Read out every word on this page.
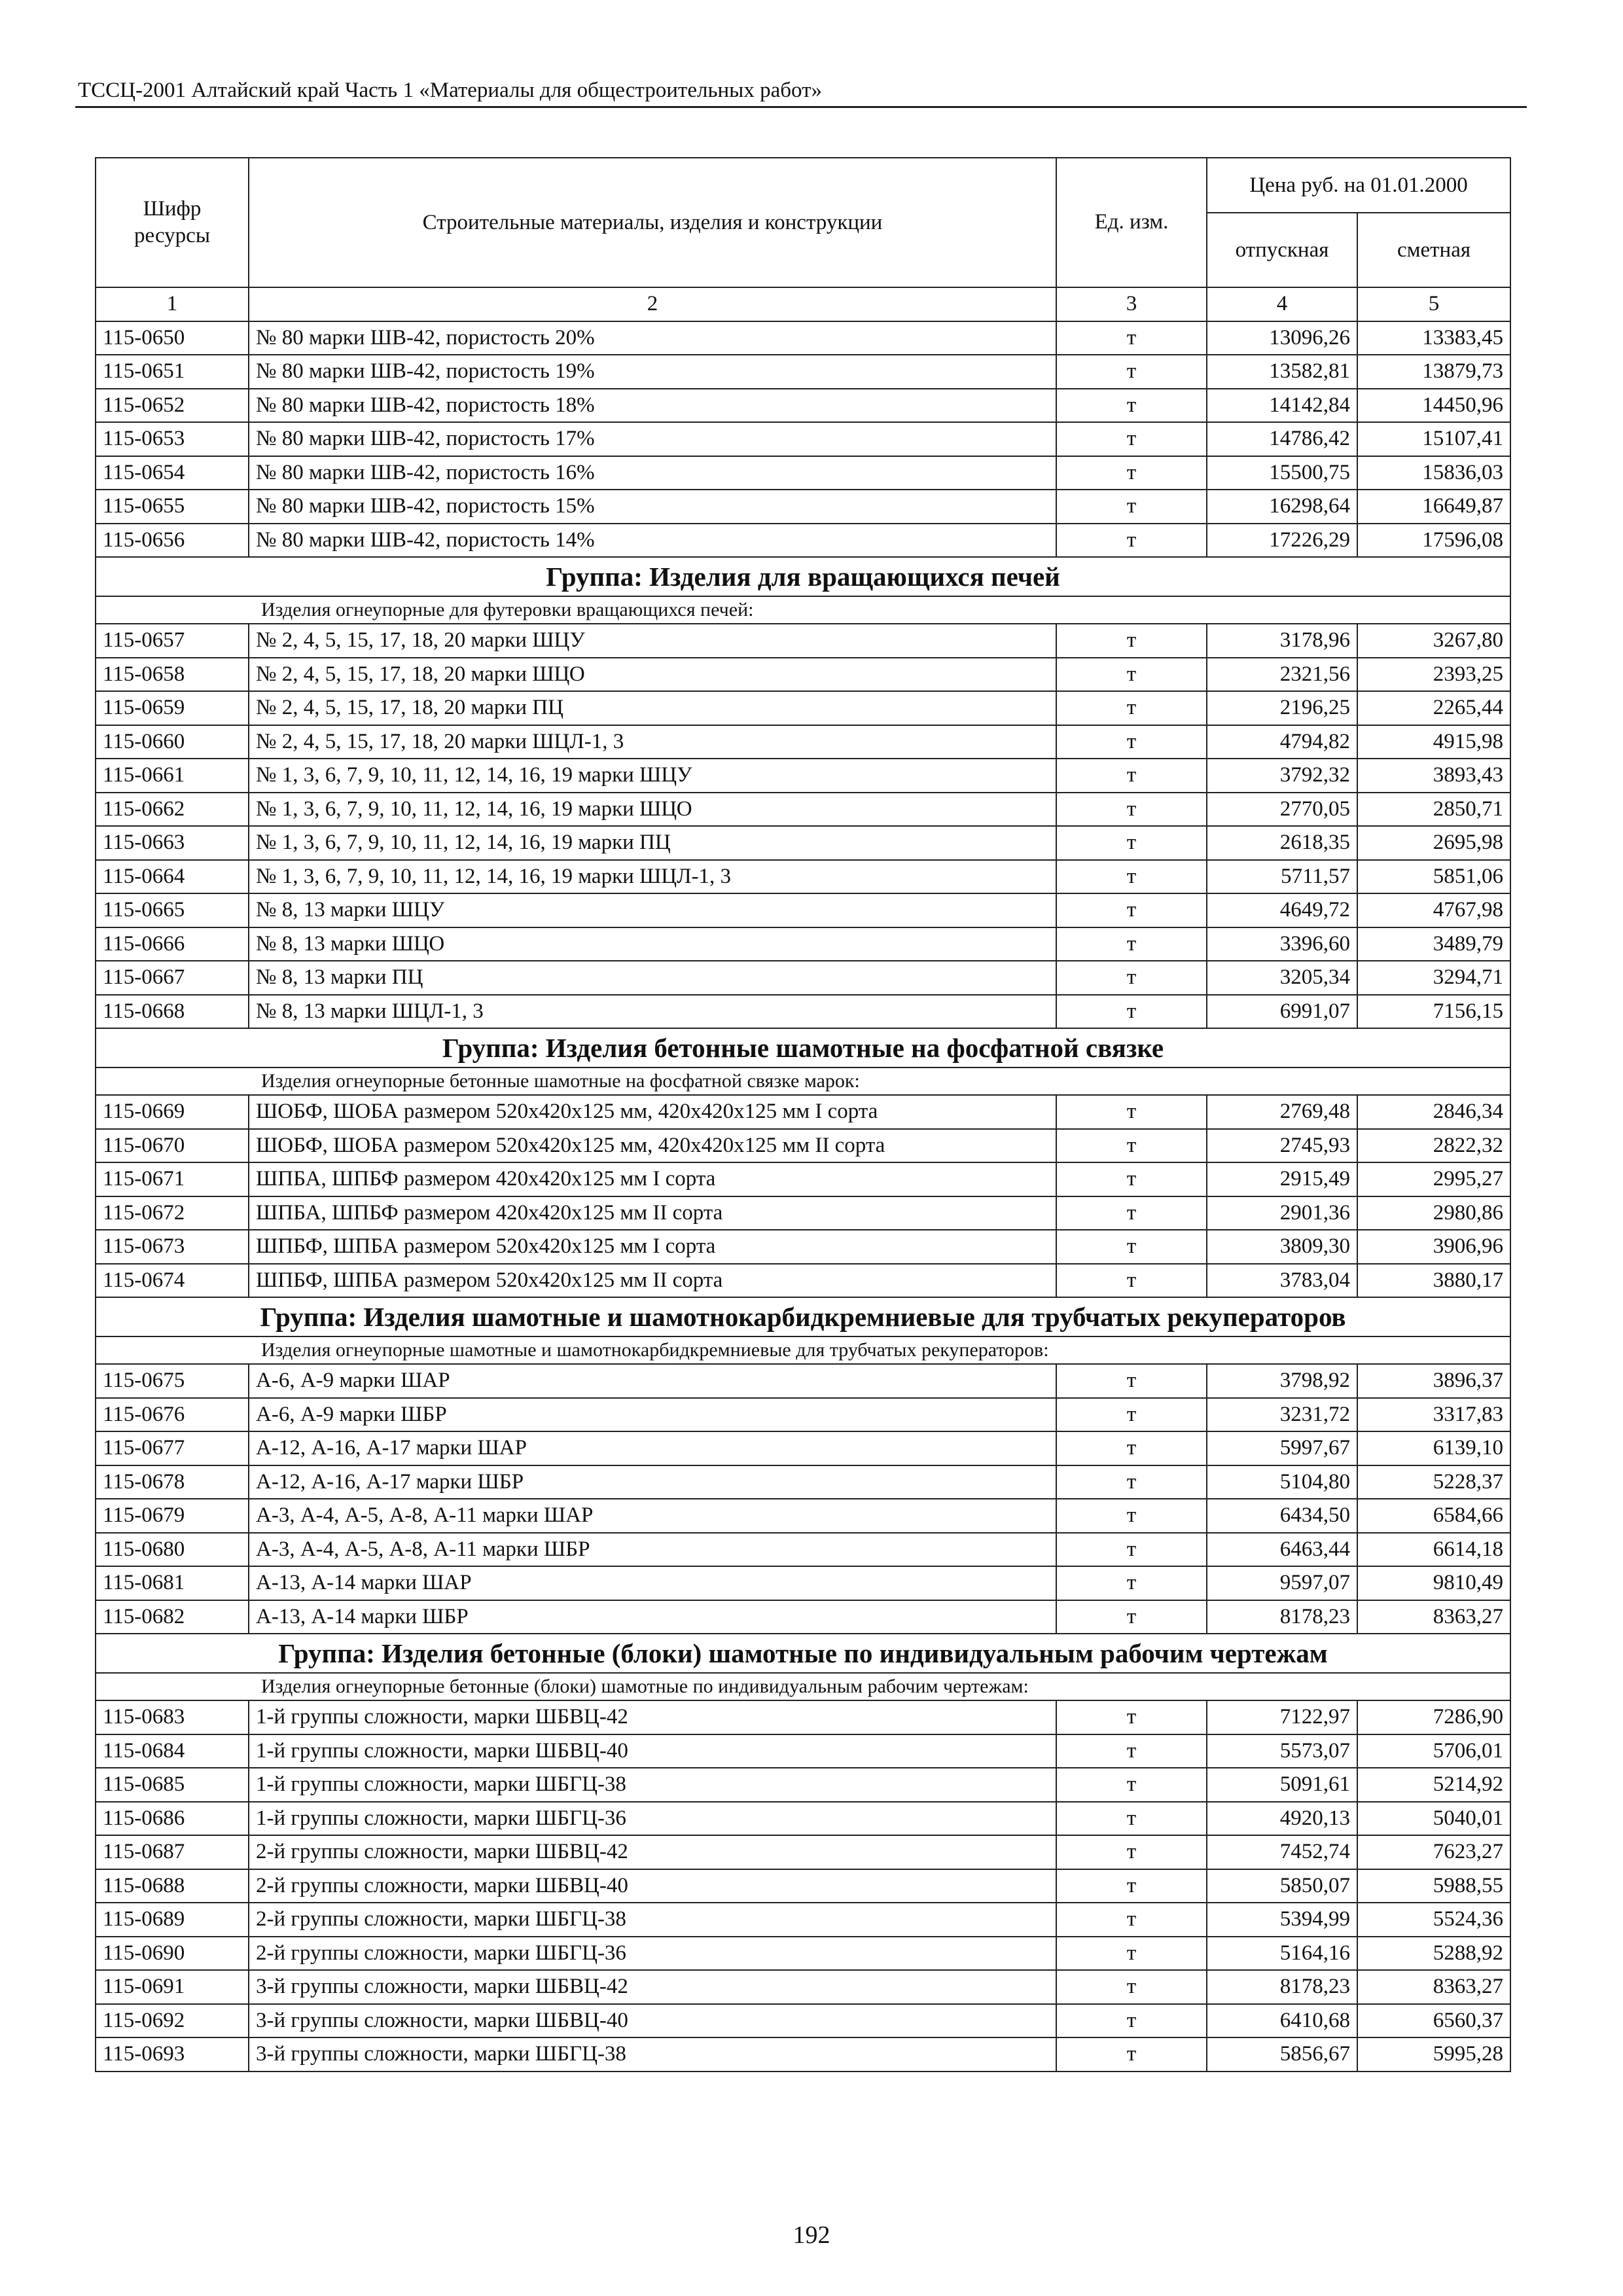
ТССЦ-2001 Алтайский край Часть 1 «Материалы для общестроительных работ»
Шифр ресурсы	Строительные материалы, изделия и конструкции	Ед. изм.	Цена руб. на 01.01.2000	
			отпускная	сметная
1	2	3	4	5
115-0650	№ 80 марки ШВ-42, пористость 20%	т	13096,26	13383,45
115-0651	№ 80 марки ШВ-42, пористость 19%	т	13582,81	13879,73
115-0652	№ 80 марки ШВ-42, пористость 18%	т	14142,84	14450,96
115-0653	№ 80 марки ШВ-42, пористость 17%	т	14786,42	15107,41
115-0654	№ 80 марки ШВ-42, пористость 16%	т	15500,75	15836,03
115-0655	№ 80 марки ШВ-42, пористость 15%	т	16298,64	16649,87
115-0656	№ 80 марки ШВ-42, пористость 14%	т	17226,29	17596,08
Группа: Изделия для вращающихся печей				
Изделия огнеупорные для футеровки вращающихся печей:				
115-0657	№ 2, 4, 5, 15, 17, 18, 20 марки ШЦУ	т	3178,96	3267,80
115-0658	№ 2, 4, 5, 15, 17, 18, 20 марки ШЦО	т	2321,56	2393,25
115-0659	№ 2, 4, 5, 15, 17, 18, 20 марки ПЦ	т	2196,25	2265,44
115-0660	№ 2, 4, 5, 15, 17, 18, 20 марки ШЦЛ-1, 3	т	4794,82	4915,98
115-0661	№ 1, 3, 6, 7, 9, 10, 11, 12, 14, 16, 19 марки ШЦУ	т	3792,32	3893,43
115-0662	№ 1, 3, 6, 7, 9, 10, 11, 12, 14, 16, 19 марки ШЦО	т	2770,05	2850,71
115-0663	№ 1, 3, 6, 7, 9, 10, 11, 12, 14, 16, 19 марки ПЦ	т	2618,35	2695,98
115-0664	№ 1, 3, 6, 7, 9, 10, 11, 12, 14, 16, 19 марки ШЦЛ-1, 3	т	5711,57	5851,06
115-0665	№ 8, 13 марки ШЦУ	т	4649,72	4767,98
115-0666	№ 8, 13 марки ШЦО	т	3396,60	3489,79
115-0667	№ 8, 13 марки ПЦ	т	3205,34	3294,71
115-0668	№ 8, 13 марки ШЦЛ-1, 3	т	6991,07	7156,15
Группа: Изделия бетонные шамотные на фосфатной связке				
Изделия огнеупорные бетонные шамотные на фосфатной связке марок:				
115-0669	ШОБФ, ШОБА размером 520х420х125 мм, 420х420х125 мм I сорта	т	2769,48	2846,34
115-0670	ШОБФ, ШОБА размером 520х420х125 мм, 420х420х125 мм II сорта	т	2745,93	2822,32
115-0671	ШПБА, ШПБФ размером 420х420х125 мм I сорта	т	2915,49	2995,27
115-0672	ШПБА, ШПБФ размером 420х420х125 мм II сорта	т	2901,36	2980,86
115-0673	ШПБФ, ШПБА размером 520х420х125 мм I сорта	т	3809,30	3906,96
115-0674	ШПБФ, ШПБА размером 520х420х125 мм II сорта	т	3783,04	3880,17
Группа: Изделия шамотные и шамотнокарбидкремниевые для трубчатых рекуператоров				
Изделия огнеупорные шамотные и шамотнокарбидкремниевые для трубчатых рекуператоров:				
115-0675	А-6, А-9 марки ШАР	т	3798,92	3896,37
115-0676	А-6, А-9 марки ШБР	т	3231,72	3317,83
115-0677	А-12, А-16, А-17 марки ШАР	т	5997,67	6139,10
115-0678	А-12, А-16, А-17 марки ШБР	т	5104,80	5228,37
115-0679	А-3, А-4, А-5, А-8, А-11 марки ШАР	т	6434,50	6584,66
115-0680	А-3, А-4, А-5, А-8, А-11 марки ШБР	т	6463,44	6614,18
115-0681	А-13, А-14 марки ШАР	т	9597,07	9810,49
115-0682	А-13, А-14 марки ШБР	т	8178,23	8363,27
Группа: Изделия бетонные (блоки) шамотные по индивидуальным рабочим чертежам				
Изделия огнеупорные бетонные (блоки) шамотные по индивидуальным рабочим чертежам:				
115-0683	1-й группы сложности, марки ШБВЦ-42	т	7122,97	7286,90
115-0684	1-й группы сложности, марки ШБВЦ-40	т	5573,07	5706,01
115-0685	1-й группы сложности, марки ШБГЦ-38	т	5091,61	5214,92
115-0686	1-й группы сложности, марки ШБГЦ-36	т	4920,13	5040,01
115-0687	2-й группы сложности, марки ШБВЦ-42	т	7452,74	7623,27
115-0688	2-й группы сложности, марки ШБВЦ-40	т	5850,07	5988,55
115-0689	2-й группы сложности, марки ШБГЦ-38	т	5394,99	5524,36
115-0690	2-й группы сложности, марки ШБГЦ-36	т	5164,16	5288,92
115-0691	3-й группы сложности, марки ШБВЦ-42	т	8178,23	8363,27
115-0692	3-й группы сложности, марки ШБВЦ-40	т	6410,68	6560,37
115-0693	3-й группы сложности, марки ШБГЦ-38	т	5856,67	5995,28
192
